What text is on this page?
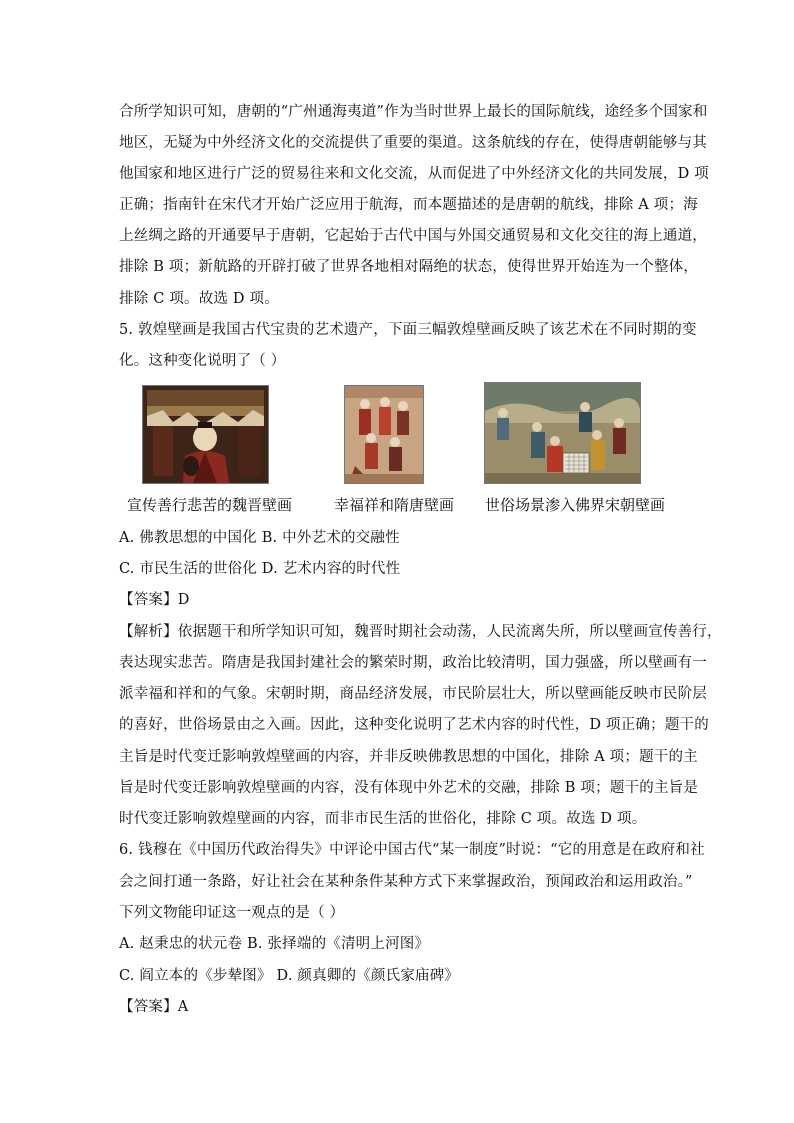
合所学知识可知，唐朝的“广州通海夷道”作为当时世界上最长的国际航线，途经多个国家和
地区，无疑为中外经济文化的交流提供了重要的渠道。这条航线的存在，使得唐朝能够与其
他国家和地区进行广泛的贸易往来和文化交流，从而促进了中外经济文化的共同发展，D 项
正确；指南针在宋代才开始广泛应用于航海，而本题描述的是唐朝的航线，排除 A 项；海
上丝绸之路的开通要早于唐朝，它起始于古代中国与外国交通贸易和文化交往的海上通道，
排除 B 项；新航路的开辟打破了世界各地相对隔绝的状态，使得世界开始连为一个整体，
排除 C 项。故选 D 项。
5. 敦煌壁画是我国古代宝贵的艺术遗产，下面三幅敦煌壁画反映了该艺术在不同时期的变
化。这种变化说明了（ ）
宣传善行悲苦的魏晋壁画	幸福祥和隋唐壁画 世俗场景渗入佛界宋朝壁画
A. 佛教思想的中国化 B. 中外艺术的交融性
C. 市民生活的世俗化 D. 艺术内容的时代性
【答案】D
【解析】依据题干和所学知识可知，魏晋时期社会动荡，人民流离失所，所以壁画宣传善行，
表达现实悲苦。隋唐是我国封建社会的繁荣时期，政治比较清明，国力强盛，所以壁画有一
派幸福和祥和的气象。宋朝时期，商品经济发展，市民阶层壮大，所以壁画能反映市民阶层
的喜好，世俗场景由之入画。因此，这种变化说明了艺术内容的时代性，D 项正确；题干的
主旨是时代变迁影响敦煌壁画的内容，并非反映佛教思想的中国化，排除 A 项；题干的主
旨是时代变迁影响敦煌壁画的内容，没有体现中外艺术的交融，排除 B 项；题干的主旨是
时代变迁影响敦煌壁画的内容，而非市民生活的世俗化，排除 C 项。故选 D 项。
6. 钱穆在《中国历代政治得失》中评论中国古代“某一制度”时说：“它的用意是在政府和社
会之间打通一条路，好让社会在某种条件某种方式下来掌握政治，预闻政治和运用政治。”
下列文物能印证这一观点的是（ ）
A. 赵秉忠的状元卷 B. 张择端的《清明上河图》
C. 阎立本的《步辇图》 D. 颜真卿的《颜氏家庙碑》
【答案】A
